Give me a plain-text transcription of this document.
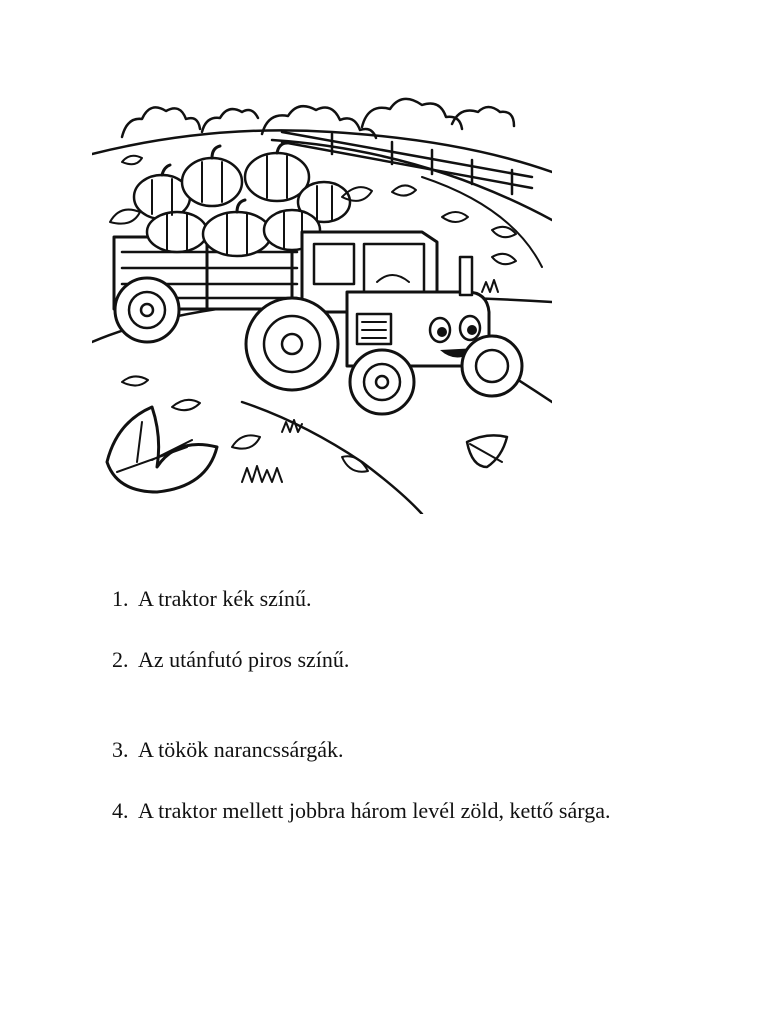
1. A traktor kék színű.
2. Az utánfutó piros színű.
3. A tökök narancssárgák.
4. A traktor mellett jobbra három levél zöld, kettő sárga.
